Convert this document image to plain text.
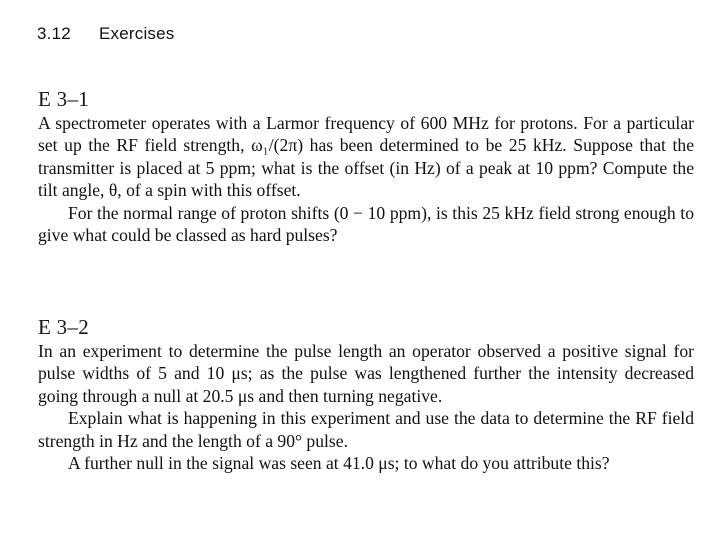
3.12 Exercises
E 3–1

A spectrometer operates with a Larmor frequency of 600 MHz for protons. For a particular set up the RF field strength, ω₁/(2π) has been determined to be 25 kHz. Suppose that the transmitter is placed at 5 ppm; what is the offset (in Hz) of a peak at 10 ppm? Compute the tilt angle, θ, of a spin with this offset.

For the normal range of proton shifts (0 − 10 ppm), is this 25 kHz field strong enough to give what could be classed as hard pulses?

E 3–2

In an experiment to determine the pulse length an operator observed a positive signal for pulse widths of 5 and 10 μs; as the pulse was lengthened further the intensity decreased going through a null at 20.5 μs and then turning negative.

Explain what is happening in this experiment and use the data to determine the RF field strength in Hz and the length of a 90° pulse.

A further null in the signal was seen at 41.0 μs; to what do you attribute this?
